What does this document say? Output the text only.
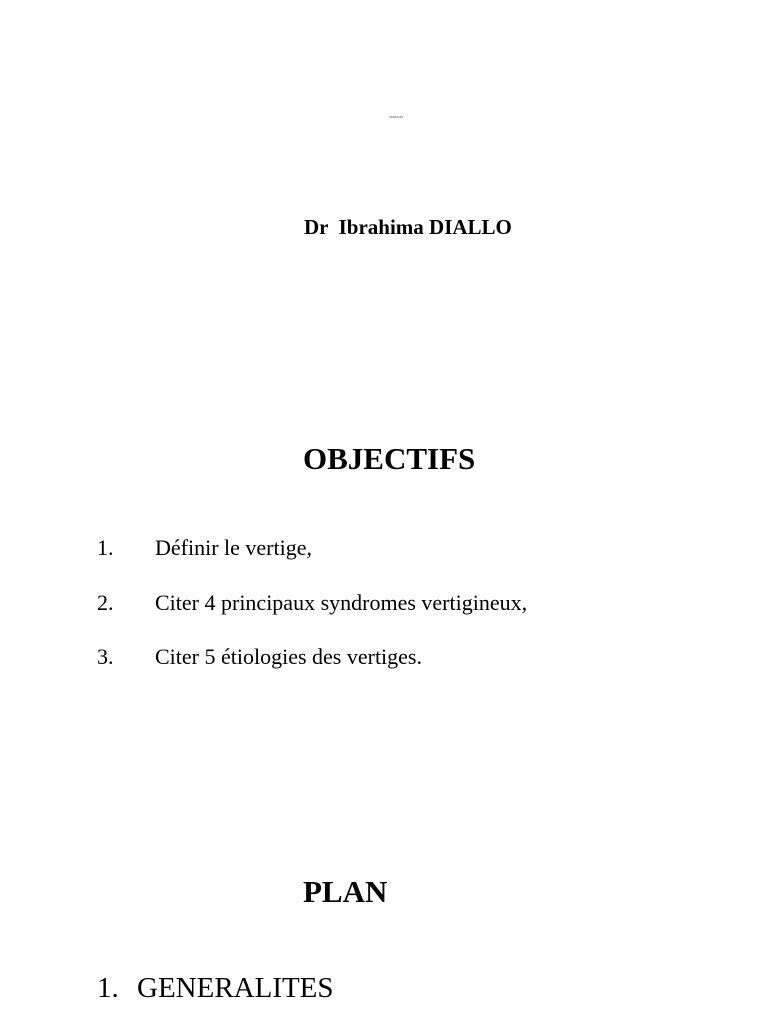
VERTIGES
Dr  Ibrahima DIALLO
OBJECTIFS
1. Définir le vertige,
2. Citer 4 principaux syndromes vertigineux,
3. Citer 5 étiologies des vertiges.
PLAN
1. GENERALITES
